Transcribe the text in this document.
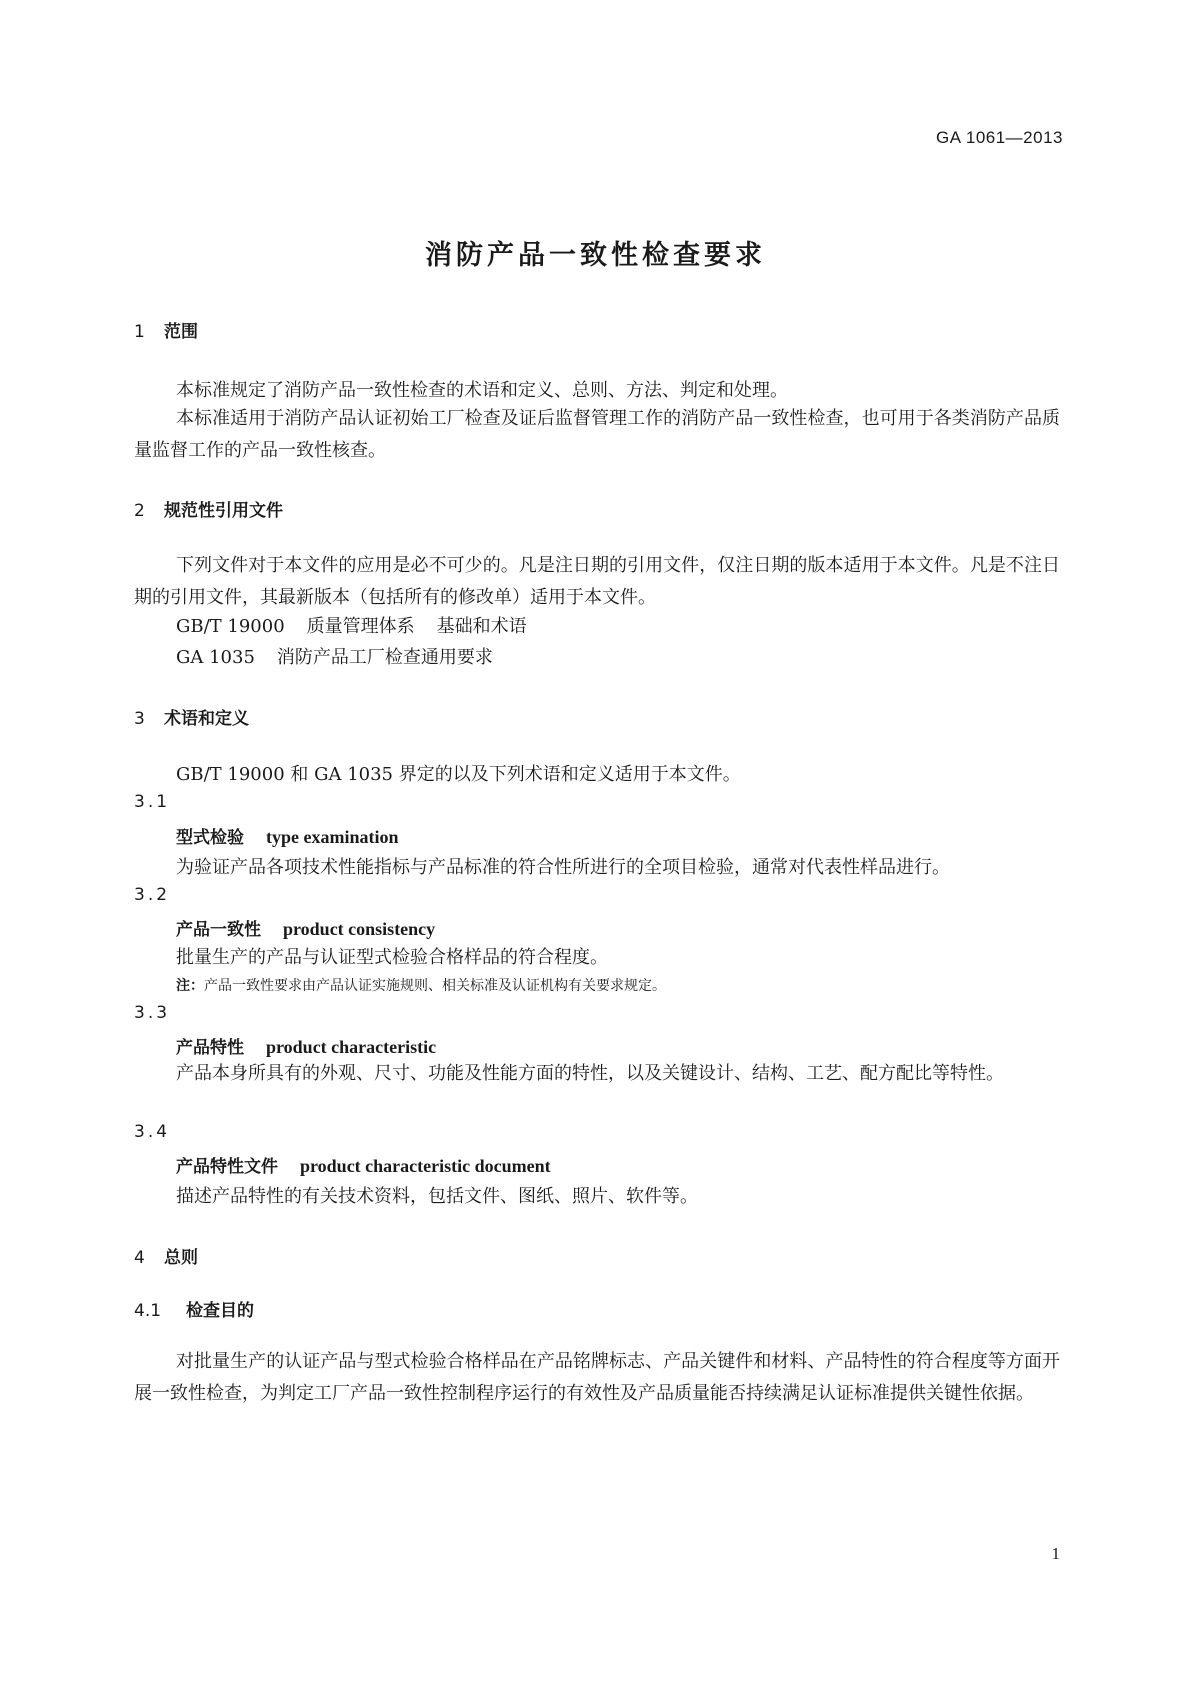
GA 1061—2013
消防产品一致性检查要求
1 范围
本标准规定了消防产品一致性检查的术语和定义、总则、方法、判定和处理。
本标准适用于消防产品认证初始工厂检查及证后监督管理工作的消防产品一致性检查，也可用于各类消防产品质量监督工作的产品一致性核查。
2 规范性引用文件
下列文件对于本文件的应用是必不可少的。凡是注日期的引用文件，仅注日期的版本适用于本文件。凡是不注日期的引用文件，其最新版本（包括所有的修改单）适用于本文件。
GB/T 19000 质量管理体系 基础和术语
GA 1035 消防产品工厂检查通用要求
3 术语和定义
GB/T 19000 和 GA 1035 界定的以及下列术语和定义适用于本文件。
3.1
型式检验 type examination
为验证产品各项技术性能指标与产品标准的符合性所进行的全项目检验，通常对代表性样品进行。
3.2
产品一致性 product consistency
批量生产的产品与认证型式检验合格样品的符合程度。
注：产品一致性要求由产品认证实施规则、相关标准及认证机构有关要求规定。
3.3
产品特性 product characteristic
产品本身所具有的外观、尺寸、功能及性能方面的特性，以及关键设计、结构、工艺、配方配比等特性。
3.4
产品特性文件 product characteristic document
描述产品特性的有关技术资料，包括文件、图纸、照片、软件等。
4 总则
4.1 检查目的
对批量生产的认证产品与型式检验合格样品在产品铭牌标志、产品关键件和材料、产品特性的符合程度等方面开展一致性检查，为判定工厂产品一致性控制程序运行的有效性及产品质量能否持续满足认证标准提供关键性依据。
1
